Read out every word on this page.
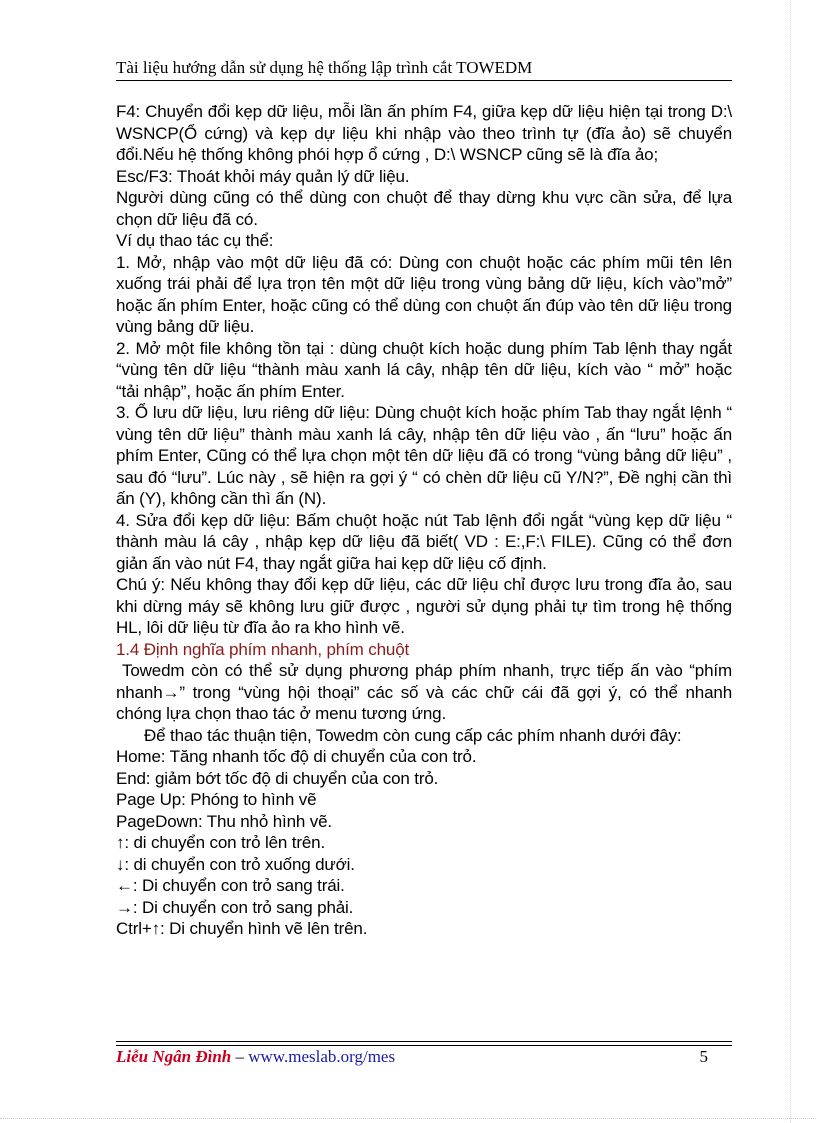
Tài liệu hướng dẫn sử dụng hệ thống lập trình cắt TOWEDM

F4: Chuyển đổi kẹp dữ liệu, mỗi lần ấn phím F4, giữa kẹp dữ liệu hiện tại trong D:\ WSNCP(Ổ cứng) và kẹp dự liệu khi nhập vào theo trình tự (đĩa ảo) sẽ chuyển đổi.Nếu hệ thống không phói hợp ổ cứng , D:\ WSNCP cũng sẽ là đĩa ảo;

Esc/F3: Thoát khỏi máy quản lý dữ liệu.

Người dùng cũng có thể dùng con chuột để thay dừng khu vực cần sửa, để lựa chọn dữ liệu đã có.

Ví dụ thao tác cụ thể:

1. Mở, nhập vào một dữ liệu đã có: Dùng con chuột hoặc các phím mũi tên lên xuống trái phải để lựa trọn tên một dữ liệu trong vùng bảng dữ liệu, kích vào”mở” hoặc ấn phím Enter, hoặc cũng có thể dùng con chuột ấn đúp vào tên dữ liệu trong vùng bảng dữ liệu.

2. Mở một file không tồn tại : dùng chuột kích hoặc dung phím Tab lệnh thay ngắt “vùng tên dữ liệu “thành màu xanh lá cây, nhập tên dữ liệu, kích vào “ mở” hoặc “tải nhập”, hoặc ấn phím Enter.

3. Ổ lưu dữ liệu, lưu riêng dữ liệu: Dùng chuột kích hoặc phím Tab thay ngắt lệnh “ vùng tên dữ liệu” thành màu xanh lá cây, nhập tên dữ liệu vào , ấn “lưu” hoặc ấn phím Enter, Cũng có thể lựa chọn một tên dữ liệu đã có trong “vùng bảng dữ liệu” , sau đó “lưu”. Lúc này , sẽ hiện ra gợi ý “ có chèn dữ liệu cũ Y/N?”, Đề nghị cần thì ấn (Y), không cần thì ấn (N).

4. Sửa đổi kẹp dữ liệu: Bấm chuột hoặc nút Tab lệnh đổi ngắt “vùng kẹp dữ liệu “ thành màu lá cây , nhập kẹp dữ liệu đã biết( VD : E:,F:\ FILE). Cũng có thể đơn giản ấn vào nút F4, thay ngắt giữa hai kẹp dữ liệu cố định.

Chú ý: Nếu không thay đổi kẹp dữ liệu, các dữ liệu chỉ được lưu trong đĩa ảo, sau khi dừng máy sẽ không lưu giữ được , người sử dụng phải tự tìm trong hệ thống HL, lôi dữ liệu từ đĩa ảo ra kho hình vẽ.

1.4 Định nghĩa phím nhanh, phím chuột

Towedm còn có thể sử dụng phương pháp phím nhanh, trực tiếp ấn vào “phím nhanh→” trong “vùng hội thoại” các số và các chữ cái đã gợi ý, có thể nhanh chóng lựa chọn thao tác ở menu tương ứng.

Để thao tác thuận tiện, Towedm còn cung cấp các phím nhanh dưới đây:

Home: Tăng nhanh tốc độ di chuyển của con trỏ.

End: giảm bớt tốc độ di chuyển của con trỏ.

Page Up: Phóng to hình vẽ

PageDown: Thu nhỏ hình vẽ.

↑: di chuyển con trỏ lên trên.

↓: di chuyển con trỏ xuống dưới.

←: Di chuyển con trỏ sang trái.

→: Di chuyển con trỏ sang phải.

Ctrl+↑: Di chuyển hình vẽ lên trên.

Liễu Ngân Đình – www.meslab.org/mes	5
